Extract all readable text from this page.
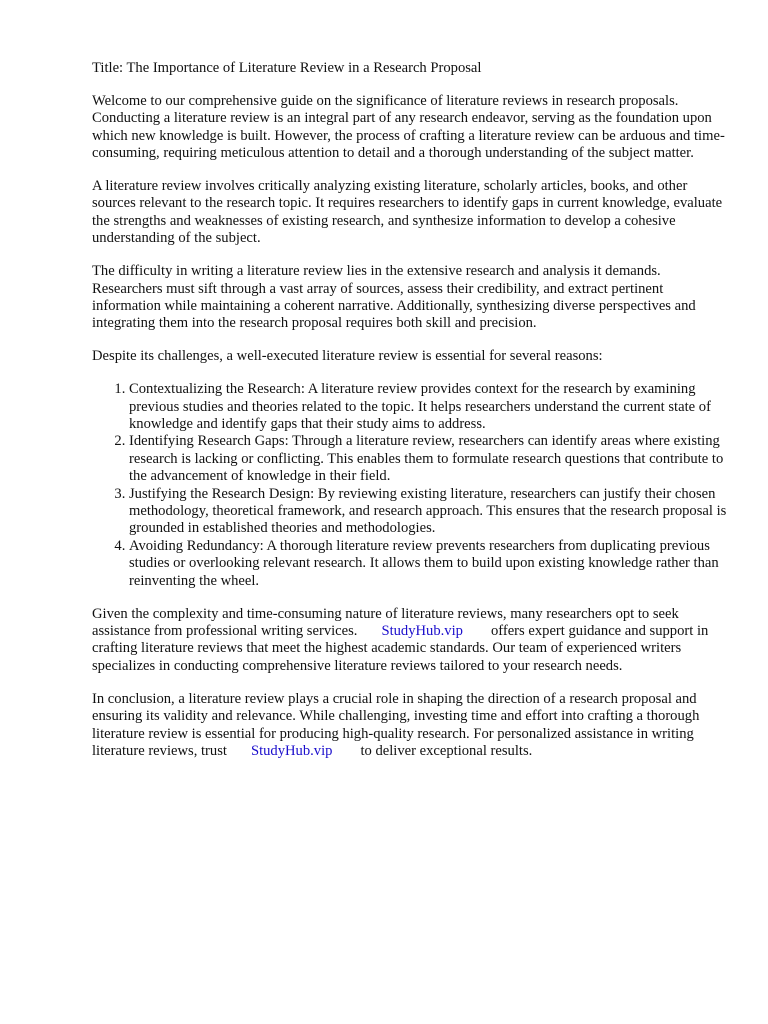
Title: The Importance of Literature Review in a Research Proposal

Welcome to our comprehensive guide on the significance of literature reviews in research proposals. Conducting a literature review is an integral part of any research endeavor, serving as the foundation upon which new knowledge is built. However, the process of crafting a literature review can be arduous and time-consuming, requiring meticulous attention to detail and a thorough understanding of the subject matter.

A literature review involves critically analyzing existing literature, scholarly articles, books, and other sources relevant to the research topic. It requires researchers to identify gaps in current knowledge, evaluate the strengths and weaknesses of existing research, and synthesize information to develop a cohesive understanding of the subject.

The difficulty in writing a literature review lies in the extensive research and analysis it demands. Researchers must sift through a vast array of sources, assess their credibility, and extract pertinent information while maintaining a coherent narrative. Additionally, synthesizing diverse perspectives and integrating them into the research proposal requires both skill and precision.

Despite its challenges, a well-executed literature review is essential for several reasons:

1. Contextualizing the Research: A literature review provides context for the research by examining previous studies and theories related to the topic. It helps researchers understand the current state of knowledge and identify gaps that their study aims to address.
2. Identifying Research Gaps: Through a literature review, researchers can identify areas where existing research is lacking or conflicting. This enables them to formulate research questions that contribute to the advancement of knowledge in their field.
3. Justifying the Research Design: By reviewing existing literature, researchers can justify their chosen methodology, theoretical framework, and research approach. This ensures that the research proposal is grounded in established theories and methodologies.
4. Avoiding Redundancy: A thorough literature review prevents researchers from duplicating previous studies or overlooking relevant research. It allows them to build upon existing knowledge rather than reinventing the wheel.

Given the complexity and time-consuming nature of literature reviews, many researchers opt to seek assistance from professional writing services. StudyHub.vip offers expert guidance and support in crafting literature reviews that meet the highest academic standards. Our team of experienced writers specializes in conducting comprehensive literature reviews tailored to your research needs.

In conclusion, a literature review plays a crucial role in shaping the direction of a research proposal and ensuring its validity and relevance. While challenging, investing time and effort into crafting a thorough literature review is essential for producing high-quality research. For personalized assistance in writing literature reviews, trust StudyHub.vip to deliver exceptional results.
